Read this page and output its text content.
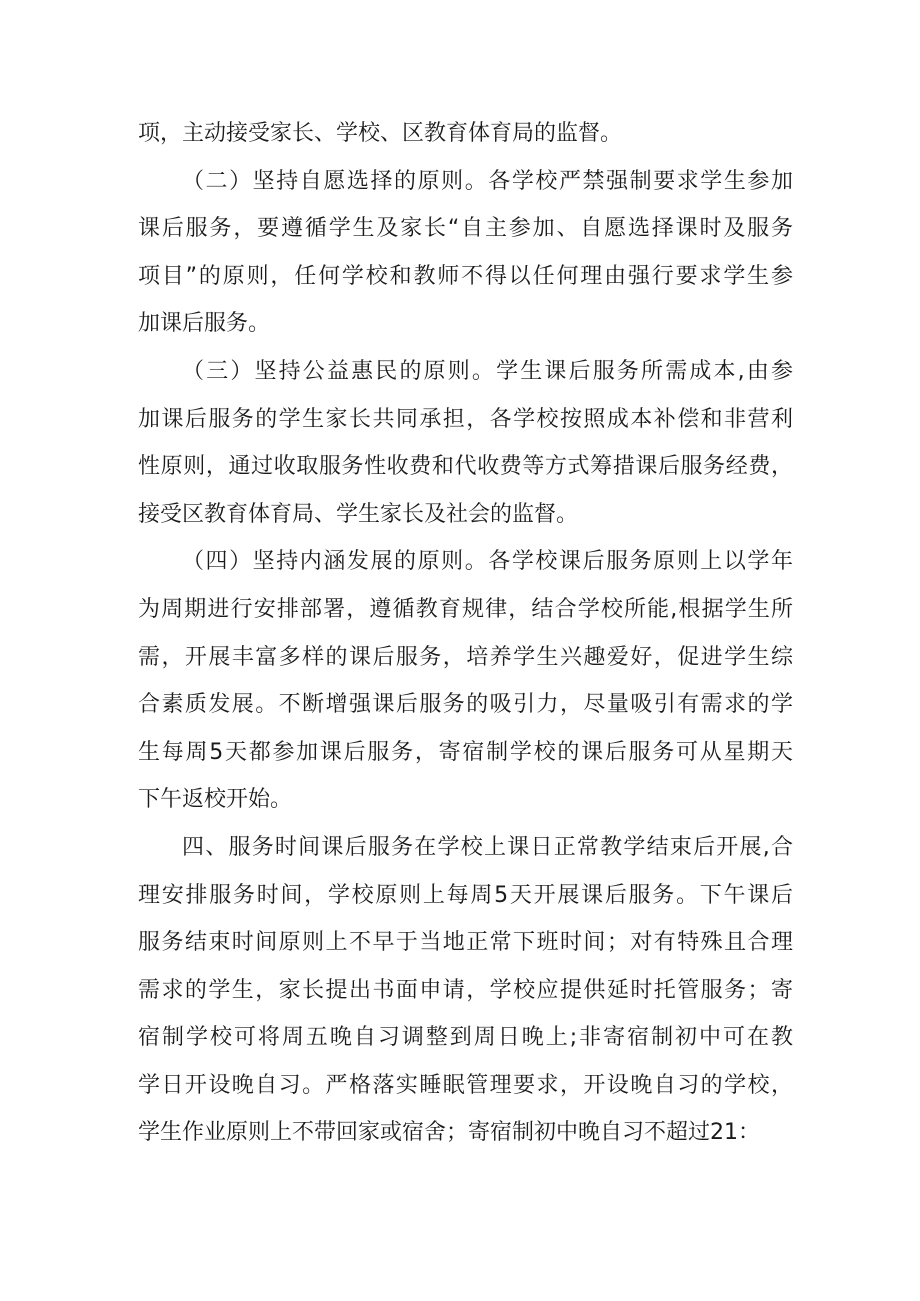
项，主动接受家长、学校、区教育体育局的监督。
（二）坚持自愿选择的原则。各学校严禁强制要求学生参加
课后服务，要遵循学生及家长“自主参加、自愿选择课时及服务
项目”的原则，任何学校和教师不得以任何理由强行要求学生参
加课后服务。
（三）坚持公益惠民的原则。学生课后服务所需成本,由参
加课后服务的学生家长共同承担，各学校按照成本补偿和非营利
性原则，通过收取服务性收费和代收费等方式筹措课后服务经费，
接受区教育体育局、学生家长及社会的监督。
（四）坚持内涵发展的原则。各学校课后服务原则上以学年
为周期进行安排部署，遵循教育规律，结合学校所能,根据学生所
需，开展丰富多样的课后服务，培养学生兴趣爱好，促进学生综
合素质发展。不断增强课后服务的吸引力，尽量吸引有需求的学
生每周5天都参加课后服务，寄宿制学校的课后服务可从星期天
下午返校开始。
四、服务时间课后服务在学校上课日正常教学结束后开展,合
理安排服务时间，学校原则上每周5天开展课后服务。下午课后
服务结束时间原则上不早于当地正常下班时间；对有特殊且合理
需求的学生，家长提出书面申请，学校应提供延时托管服务；寄
宿制学校可将周五晚自习调整到周日晚上;非寄宿制初中可在教
学日开设晚自习。严格落实睡眠管理要求，开设晚自习的学校，
学生作业原则上不带回家或宿舍；寄宿制初中晚自习不超过21：
